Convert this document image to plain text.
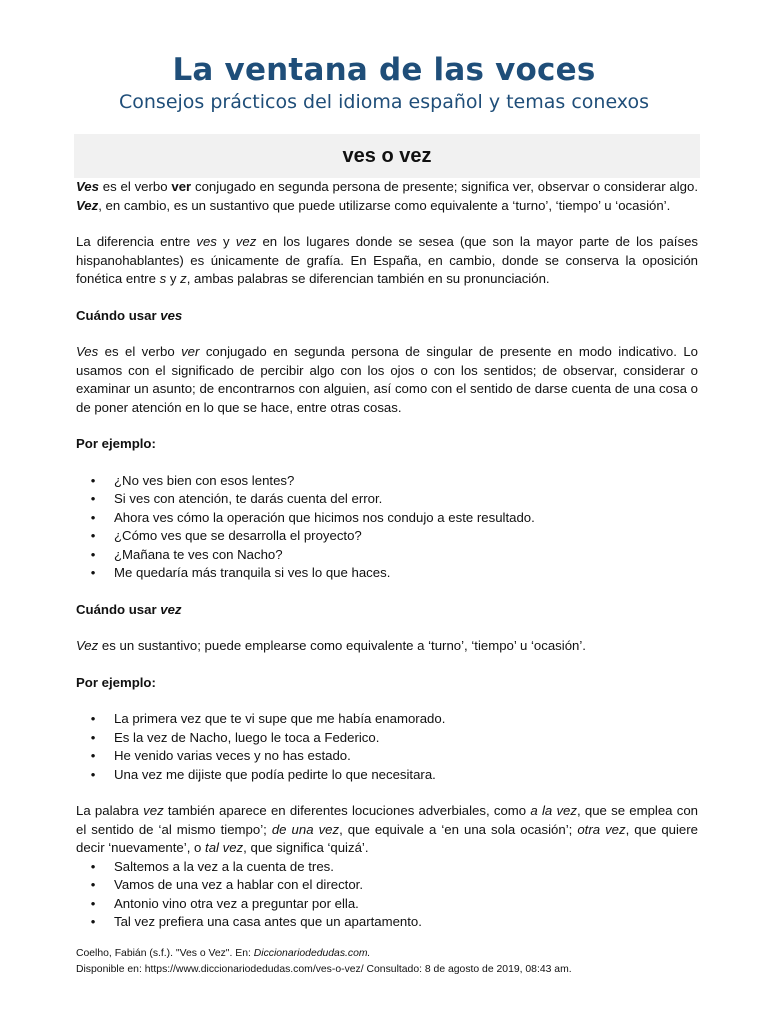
La ventana de las voces

Consejos prácticos del idioma español y temas conexos

ves o vez

Ves es el verbo ver conjugado en segunda persona de presente; significa ver, observar o considerar algo. Vez, en cambio, es un sustantivo que puede utilizarse como equivalente a ‘turno’, ‘tiempo’ u ‘ocasión’.

La diferencia entre ves y vez en los lugares donde se sesea (que son la mayor parte de los países hispanohablantes) es únicamente de grafía. En España, en cambio, donde se conserva la oposición fonética entre s y z, ambas palabras se diferencian también en su pronunciación.

Cuándo usar ves

Ves es el verbo ver conjugado en segunda persona de singular de presente en modo indicativo. Lo usamos con el significado de percibir algo con los ojos o con los sentidos; de observar, considerar o examinar un asunto; de encontrarnos con alguien, así como con el sentido de darse cuenta de una cosa o de poner atención en lo que se hace, entre otras cosas.

Por ejemplo:

• ¿No ves bien con esos lentes?
• Si ves con atención, te darás cuenta del error.
• Ahora ves cómo la operación que hicimos nos condujo a este resultado.
• ¿Cómo ves que se desarrolla el proyecto?
• ¿Mañana te ves con Nacho?
• Me quedaría más tranquila si ves lo que haces.

Cuándo usar vez

Vez es un sustantivo; puede emplearse como equivalente a ‘turno’, ‘tiempo’ u ‘ocasión’.

Por ejemplo:

• La primera vez que te vi supe que me había enamorado.
• Es la vez de Nacho, luego le toca a Federico.
• He venido varias veces y no has estado.
• Una vez me dijiste que podía pedirte lo que necesitara.

La palabra vez también aparece en diferentes locuciones adverbiales, como a la vez, que se emplea con el sentido de ‘al mismo tiempo’; de una vez, que equivale a ‘en una sola ocasión’; otra vez, que quiere decir ‘nuevamente’, o tal vez, que significa ‘quizá’.

• Saltemos a la vez a la cuenta de tres.
• Vamos de una vez a hablar con el director.
• Antonio vino otra vez a preguntar por ella.
• Tal vez prefiera una casa antes que un apartamento.
Coelho, Fabián (s.f.). "Ves o Vez". En: Diccionariodedudas.com.
Disponible en: https://www.diccionariodedudas.com/ves-o-vez/ Consultado: 8 de agosto de 2019, 08:43 am.
